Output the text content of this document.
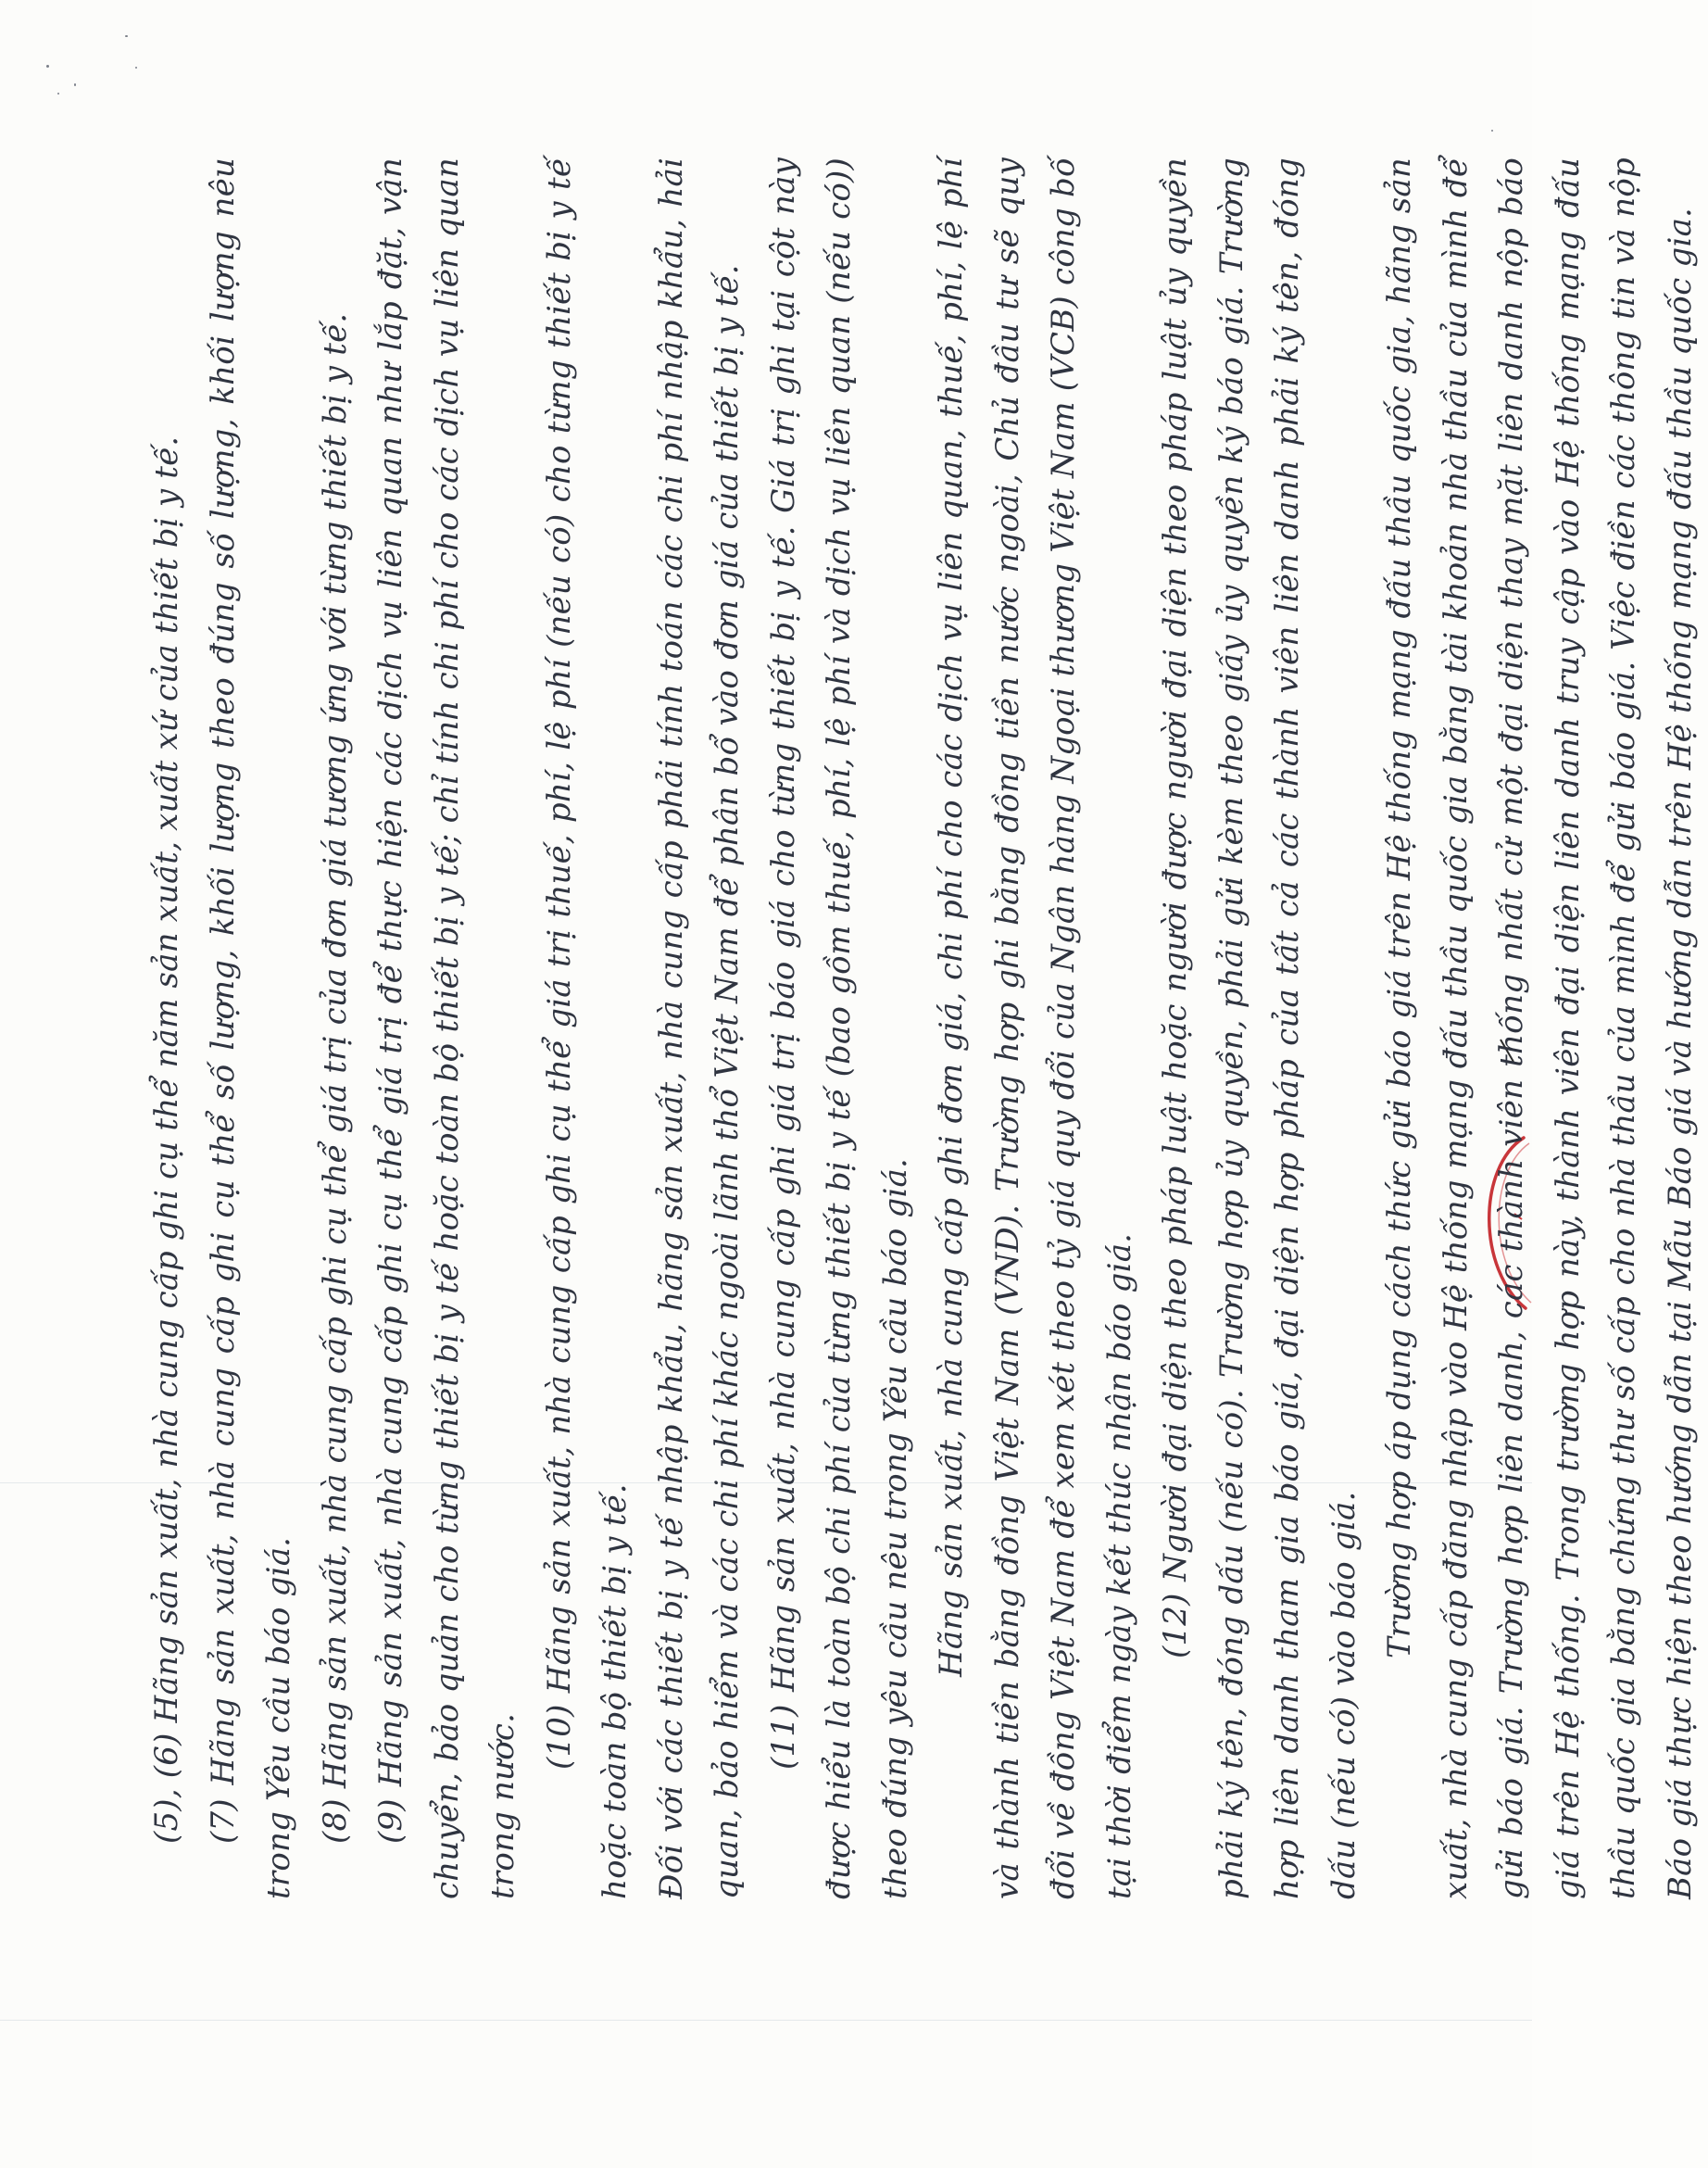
(5), (6) Hãng sản xuất, nhà cung cấp ghi cụ thể năm sản xuất, xuất xứ của thiết bị y tế. (7) Hãng sản xuất, nhà cung cấp ghi cụ thể số lượng, khối lượng theo đúng số lượng, khối lượng nêu trong Yêu cầu báo giá. (8) Hãng sản xuất, nhà cung cấp ghi cụ thể giá trị của đơn giá tương ứng với từng thiết bị y tế. (9) Hãng sản xuất, nhà cung cấp ghi cụ thể giá trị để thực hiện các dịch vụ liên quan như lắp đặt, vận chuyển, bảo quản cho từng thiết bị y tế hoặc toàn bộ thiết bị y tế; chỉ tính chi phí cho các dịch vụ liên quan trong nước.

(10) Hãng sản xuất, nhà cung cấp ghi cụ thể giá trị thuế, phí, lệ phí (nếu có) cho từng thiết bị y tế hoặc toàn bộ thiết bị y tế. Đối với các thiết bị y tế nhập khẩu, hãng sản xuất, nhà cung cấp phải tính toán các chi phí nhập khẩu, hải quan, bảo hiểm và các chi phí khác ngoài lãnh thổ Việt Nam để phân bổ vào đơn giá của thiết bị y tế. (11) Hãng sản xuất, nhà cung cấp ghi giá trị báo giá cho từng thiết bị y tế. Giá trị ghi tại cột này được hiểu là toàn bộ chi phí của từng thiết bị y tế (bao gồm thuế, phí, lệ phí và dịch vụ liên quan (nếu có)) theo đúng yêu cầu nêu trong Yêu cầu báo giá. Hãng sản xuất, nhà cung cấp ghi đơn giá, chi phí cho các dịch vụ liên quan, thuế, phí, lệ phí và thành tiền bằng đồng Việt Nam (VND). Trường hợp ghi bằng đồng tiền nước ngoài, Chủ đầu tư sẽ quy đổi về đồng Việt Nam để xem xét theo tỷ giá quy đổi của Ngân hàng Ngoại thương Việt Nam (VCB) công bố tại thời điểm ngày kết thúc nhận báo giá. (12) Người đại diện theo pháp luật hoặc người được người đại diện theo pháp luật ủy quyền phải ký tên, đóng dấu (nếu có). Trường hợp ủy quyền, phải gửi kèm theo giấy ủy quyền ký báo giá. Trường hợp liên danh tham gia báo giá, đại diện hợp pháp của tất cả các thành viên liên danh phải ký tên, đóng dấu (nếu có) vào báo giá.

Trường hợp áp dụng cách thức gửi báo giá trên Hệ thống mạng đấu thầu quốc gia, hãng sản xuất, nhà cung cấp đăng nhập vào Hệ thống mạng đấu thầu quốc gia bằng tài khoản nhà thầu của mình để gửi báo giá. Trường hợp liên danh, các thành viên thống nhất cử một đại diện thay mặt liên danh nộp báo giá trên Hệ thống. Trong trường hợp này, thành viên đại diện liên danh truy cập vào Hệ thống mạng đấu thầu quốc gia bằng chứng thư số cấp cho nhà thầu của mình để gửi báo giá. Việc điền các thông tin và nộp Báo giá thực hiện theo hướng dẫn tại Mẫu Báo giá và hướng dẫn trên Hệ thống mạng đấu thầu quốc gia.
